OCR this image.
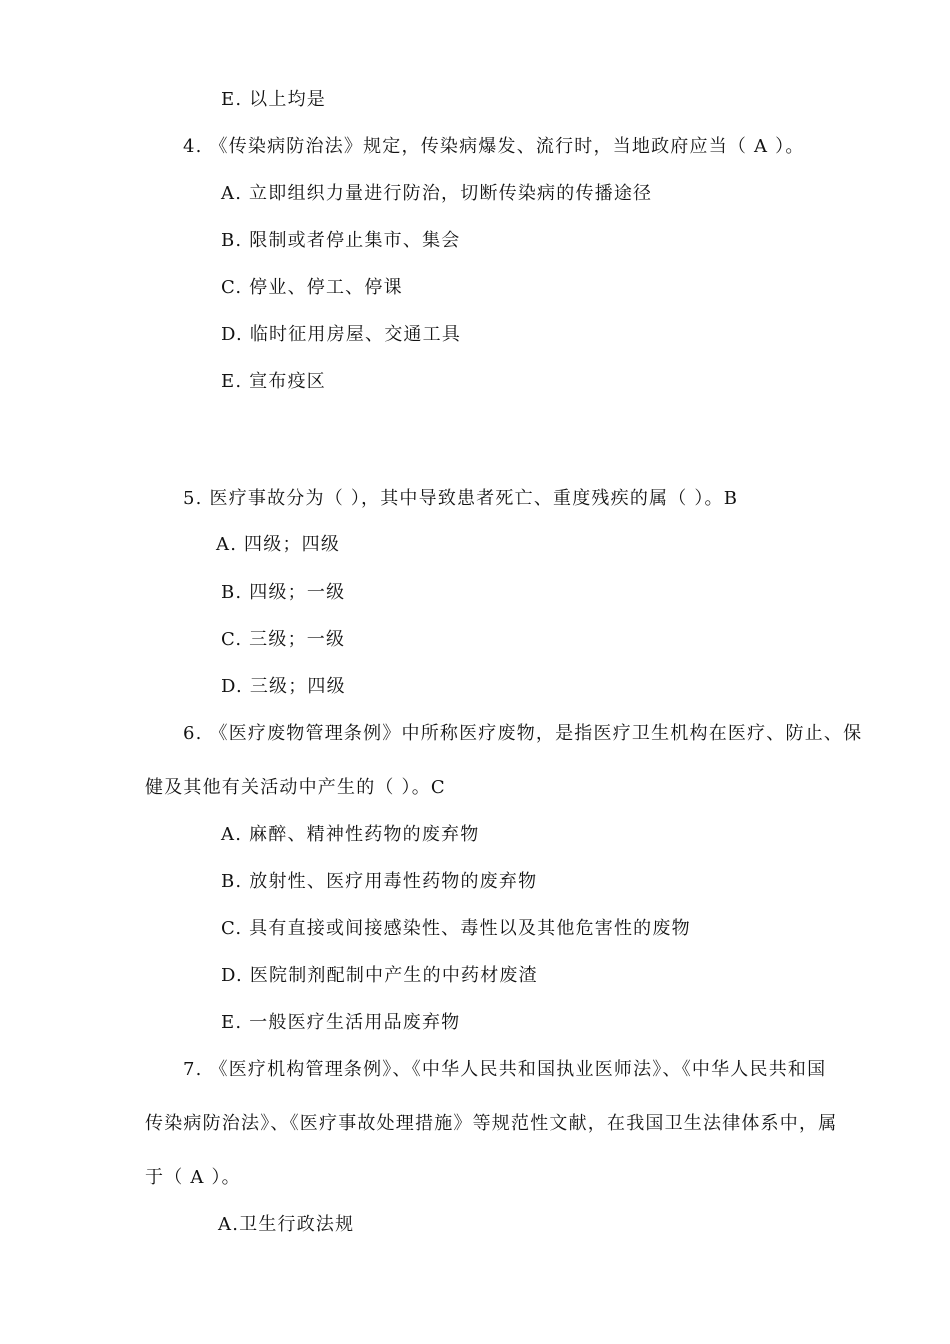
E. 以上均是
4. 《传染病防治法》规定，传染病爆发、流行时，当地政府应当（ A ）。
A. 立即组织力量进行防治，切断传染病的传播途径
B. 限制或者停止集市、集会
C. 停业、停工、停课
D. 临时征用房屋、交通工具
E. 宣布疫区
5. 医疗事故分为（ ），其中导致患者死亡、重度残疾的属（ ）。B
A. 四级；四级
B. 四级；一级
C. 三级；一级
D. 三级；四级
6. 《医疗废物管理条例》中所称医疗废物，是指医疗卫生机构在医疗、防止、保
健及其他有关活动中产生的（ ）。C
A. 麻醉、精神性药物的废弃物
B. 放射性、医疗用毒性药物的废弃物
C. 具有直接或间接感染性、毒性以及其他危害性的废物
D. 医院制剂配制中产生的中药材废渣
E. 一般医疗生活用品废弃物
7. 《医疗机构管理条例》、《中华人民共和国执业医师法》、《中华人民共和国
传染病防治法》、《医疗事故处理措施》等规范性文献，在我国卫生法律体系中，属
于（ A ）。
A.卫生行政法规
